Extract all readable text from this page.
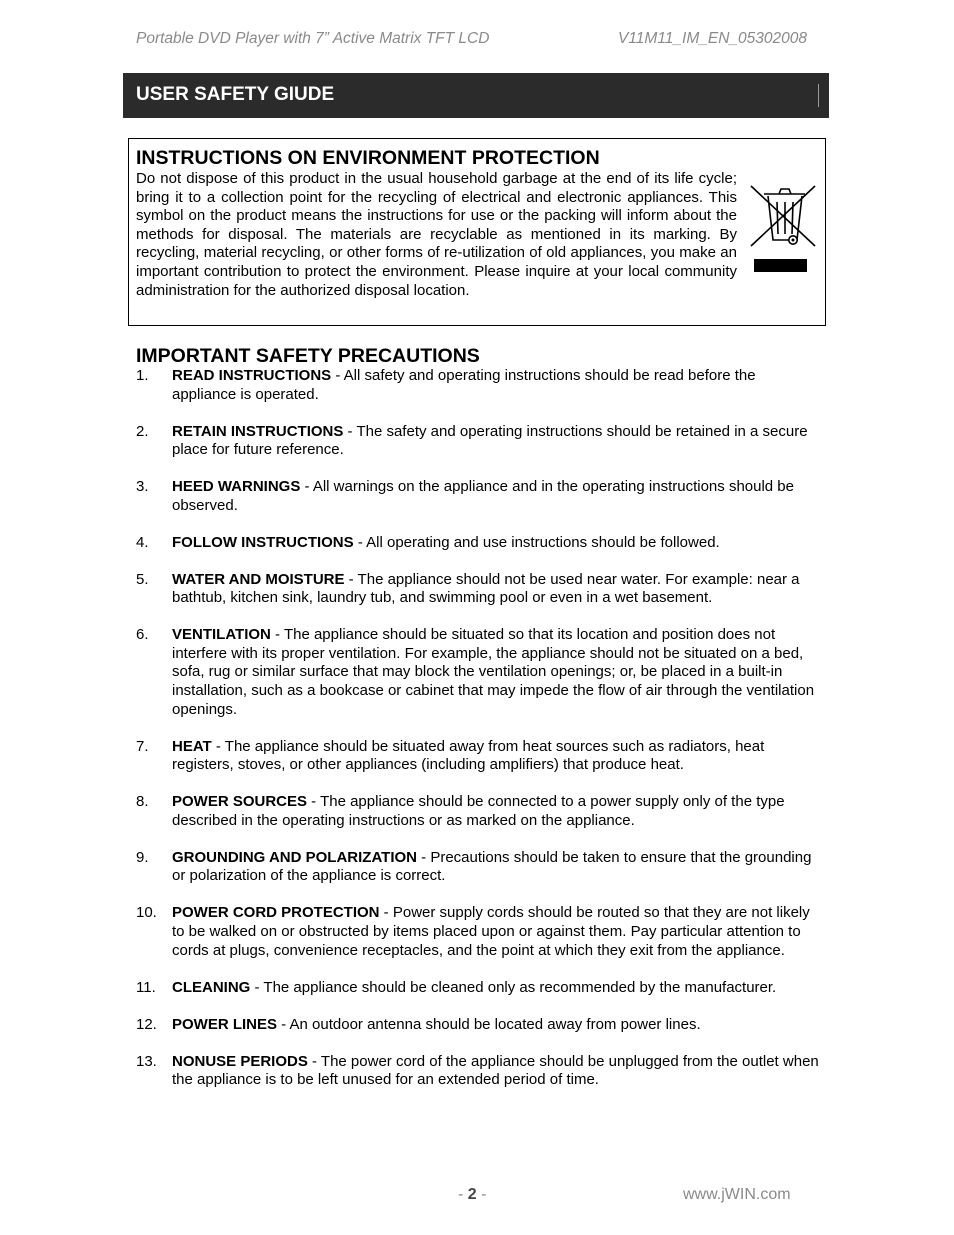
Portable DVD Player with 7” Active Matrix TFT LCD	V11M11_IM_EN_05302008
USER SAFETY GIUDE
INSTRUCTIONS ON ENVIRONMENT PROTECTION
Do not dispose of this product in the usual household garbage at the end of its life cycle; bring it to a collection point for the recycling of electrical and electronic appliances. This symbol on the product means the instructions for use or the packing will inform about the methods for disposal. The materials are recyclable as mentioned in its marking. By recycling, material recycling, or other forms of re-utilization of old appliances, you make an important contribution to protect the environment. Please inquire at your local community administration for the authorized disposal location.
IMPORTANT SAFETY PRECAUTIONS
1.	READ INSTRUCTIONS - All safety and operating instructions should be read before the appliance is operated.
2.	RETAIN INSTRUCTIONS - The safety and operating instructions should be retained in a secure place for future reference.
3.	HEED WARNINGS - All warnings on the appliance and in the operating instructions should be observed.
4.	FOLLOW INSTRUCTIONS - All operating and use instructions should be followed.
5.	WATER AND MOISTURE - The appliance should not be used near water. For example: near a bathtub, kitchen sink, laundry tub, and swimming pool or even in a wet basement.
6.	VENTILATION - The appliance should be situated so that its location and position does not interfere with its proper ventilation. For example, the appliance should not be situated on a bed, sofa, rug or similar surface that may block the ventilation openings; or, be placed in a built-in installation, such as a bookcase or cabinet that may impede the flow of air through the ventilation openings.
7.	HEAT - The appliance should be situated away from heat sources such as radiators, heat registers, stoves, or other appliances (including amplifiers) that produce heat.
8.	POWER SOURCES - The appliance should be connected to a power supply only of the type described in the operating instructions or as marked on the appliance.
9.	GROUNDING AND POLARIZATION - Precautions should be taken to ensure that the grounding or polarization of the appliance is correct.
10.	POWER CORD PROTECTION - Power supply cords should be routed so that they are not likely to be walked on or obstructed by items placed upon or against them. Pay particular attention to cords at plugs, convenience receptacles, and the point at which they exit from the appliance.
11.	CLEANING - The appliance should be cleaned only as recommended by the manufacturer.
12.	POWER LINES - An outdoor antenna should be located away from power lines.
13.	NONUSE PERIODS - The power cord of the appliance should be unplugged from the outlet when the appliance is to be left unused for an extended period of time.
- 2 -	www.jWIN.com
